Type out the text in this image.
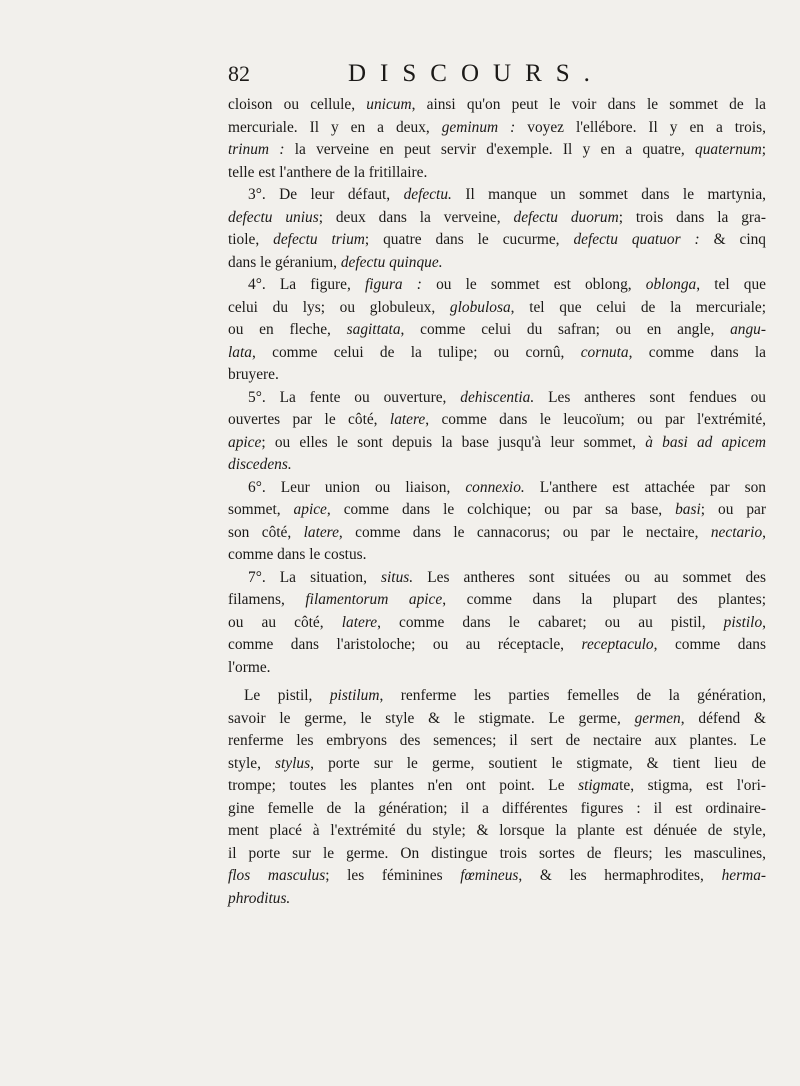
82	DISCOURS.
cloison ou cellule, unicum, ainsi qu'on peut le voir dans le sommet de la
mercuriale. Il y en a deux, geminum : voyez l'ellébore. Il y en a trois,
trinum : la verveine en peut servir d'exemple. Il y en a quatre, quaternum;
telle est l'anthere de la fritillaire.
3°. De leur défaut, defectu. Il manque un sommet dans le martynia,
defectu unius; deux dans la verveine, defectu duorum; trois dans la gra-
tiole, defectu trium; quatre dans le cucurme, defectu quatuor : & cinq
dans le géranium, defectu quinque.
4°. La figure, figura : ou le sommet est oblong, oblonga, tel que
celui du lys; ou globuleux, globulosa, tel que celui de la mercuriale;
ou en fleche, sagittata, comme celui du safran; ou en angle, angu-
lata, comme celui de la tulipe; ou cornû, cornuta, comme dans la
bruyere.
5°. La fente ou ouverture, dehiscentia. Les antheres sont fendues ou
ouvertes par le côté, latere, comme dans le leucoïum; ou par l'extrémité,
apice; ou elles le sont depuis la base jusqu'à leur sommet, à basi ad apicem
discedens.
6°. Leur union ou liaison, connexio. L'anthere est attachée par son
sommet, apice, comme dans le colchique; ou par sa base, basi; ou par
son côté, latere, comme dans le cannacorus; ou par le nectaire, nectario,
comme dans le costus.
7°. La situation, situs. Les antheres sont situées ou au sommet des
filamens, filamentorum apice, comme dans la plupart des plantes;
ou au côté, latere, comme dans le cabaret; ou au pistil, pistilo,
comme dans l'aristoloche; ou au réceptacle, receptaculo, comme dans
l'orme.
Le pistil, pistilum, renferme les parties femelles de la génération,
savoir le germe, le style & le stigmate. Le germe, germen, défend &
renferme les embryons des semences; il sert de nectaire aux plantes. Le
style, stylus, porte sur le germe, soutient le stigmate, & tient lieu de
trompe; toutes les plantes n'en ont point. Le stigmate, stigma, est l'ori-
gine femelle de la génération; il a différentes figures : il est ordinaire-
ment placé à l'extrémité du style; & lorsque la plante est dénuée de style,
il porte sur le germe. On distingue trois sortes de fleurs; les masculines,
flos masculus; les féminines fœmineus, & les hermaphrodites, herma-
phroditus.
